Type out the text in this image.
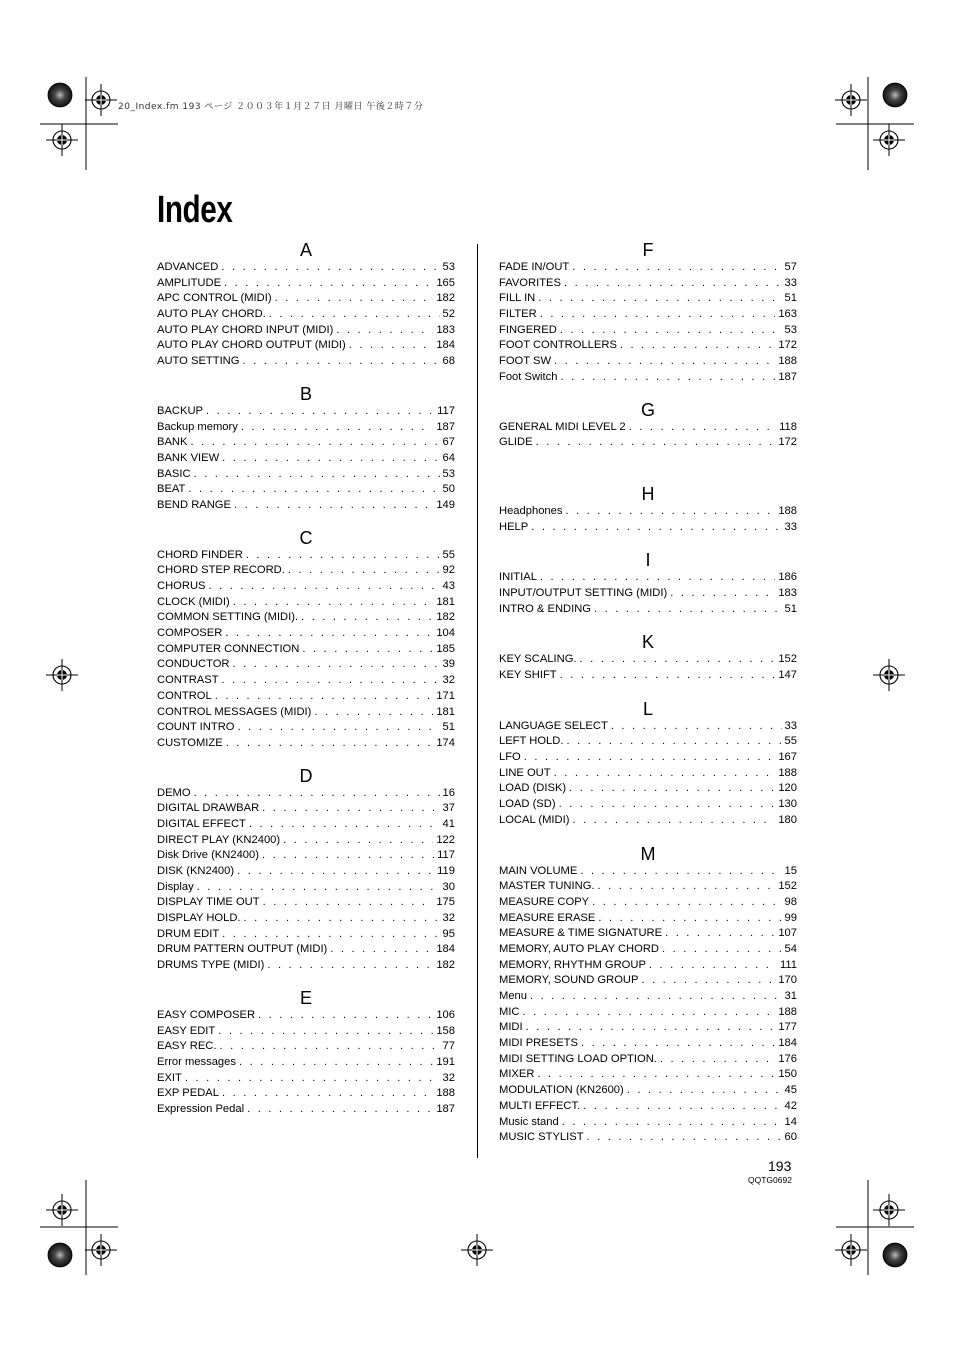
20_Index.fm 193 ページ ２００３年１月２７日 月曜日 午後２時７分
Index
A
ADVANCED . . .	53
AMPLITUDE . . .	165
APC CONTROL (MIDI) . . .	182
AUTO PLAY CHORD. . . .	52
AUTO PLAY CHORD INPUT (MIDI) . . .	183
AUTO PLAY CHORD OUTPUT (MIDI) . . .	184
AUTO SETTING . . .	68
B
BACKUP . . .	117
Backup memory . . .	187
BANK . . .	67
BANK VIEW . . .	64
BASIC . . .	53
BEAT . . .	50
BEND RANGE . . .	149
C
CHORD FINDER . . .	55
CHORD STEP RECORD. . . .	92
CHORUS . . .	43
CLOCK (MIDI) . . .	181
COMMON SETTING (MIDI). . . .	182
COMPOSER . . .	104
COMPUTER CONNECTION . . .	185
CONDUCTOR . . .	39
CONTRAST . . .	32
CONTROL . . .	171
CONTROL MESSAGES (MIDI) . . .	181
COUNT INTRO . . .	51
CUSTOMIZE . . .	174
D
DEMO . . .	16
DIGITAL DRAWBAR . . .	37
DIGITAL EFFECT . . .	41
DIRECT PLAY (KN2400) . . .	122
Disk Drive (KN2400) . . .	117
DISK (KN2400) . . .	119
Display . . .	30
DISPLAY TIME OUT . . .	175
DISPLAY HOLD. . . .	32
DRUM EDIT . . .	95
DRUM PATTERN OUTPUT (MIDI) . . .	184
DRUMS TYPE (MIDI) . . .	182
E
EASY COMPOSER . . .	106
EASY EDIT . . .	158
EASY REC. . . .	77
Error messages . . .	191
EXIT . . .	32
EXP PEDAL . . .	188
Expression Pedal . . .	187
F
FADE IN/OUT . . .	57
FAVORITES . . .	33
FILL IN . . .	51
FILTER . . .	163
FINGERED . . .	53
FOOT CONTROLLERS . . .	172
FOOT SW . . .	188
Foot Switch . . .	187
G
GENERAL MIDI LEVEL 2 . . .	118
GLIDE . . .	172
H
Headphones . . .	188
HELP . . .	33
I
INITIAL . . .	186
INPUT/OUTPUT SETTING (MIDI) . . .	183
INTRO & ENDING . . .	51
K
KEY SCALING. . . .	152
KEY SHIFT . . .	147
L
LANGUAGE SELECT . . .	33
LEFT HOLD. . . .	55
LFO . . .	167
LINE OUT . . .	188
LOAD (DISK) . . .	120
LOAD (SD) . . .	130
LOCAL (MIDI) . . .	180
M
MAIN VOLUME . . .	15
MASTER TUNING. . . .	152
MEASURE COPY . . .	98
MEASURE ERASE . . .	99
MEASURE & TIME SIGNATURE . . .	107
MEMORY, AUTO PLAY CHORD . . .	54
MEMORY, RHYTHM GROUP . . .	111
MEMORY, SOUND GROUP . . .	170
Menu . . .	31
MIC . . .	188
MIDI . . .	177
MIDI PRESETS . . .	184
MIDI SETTING LOAD OPTION. . . .	176
MIXER . . .	150
MODULATION (KN2600) . . .	45
MULTI EFFECT. . . .	42
Music stand . . .	14
MUSIC STYLIST . . .	60
193
QQTG0692
